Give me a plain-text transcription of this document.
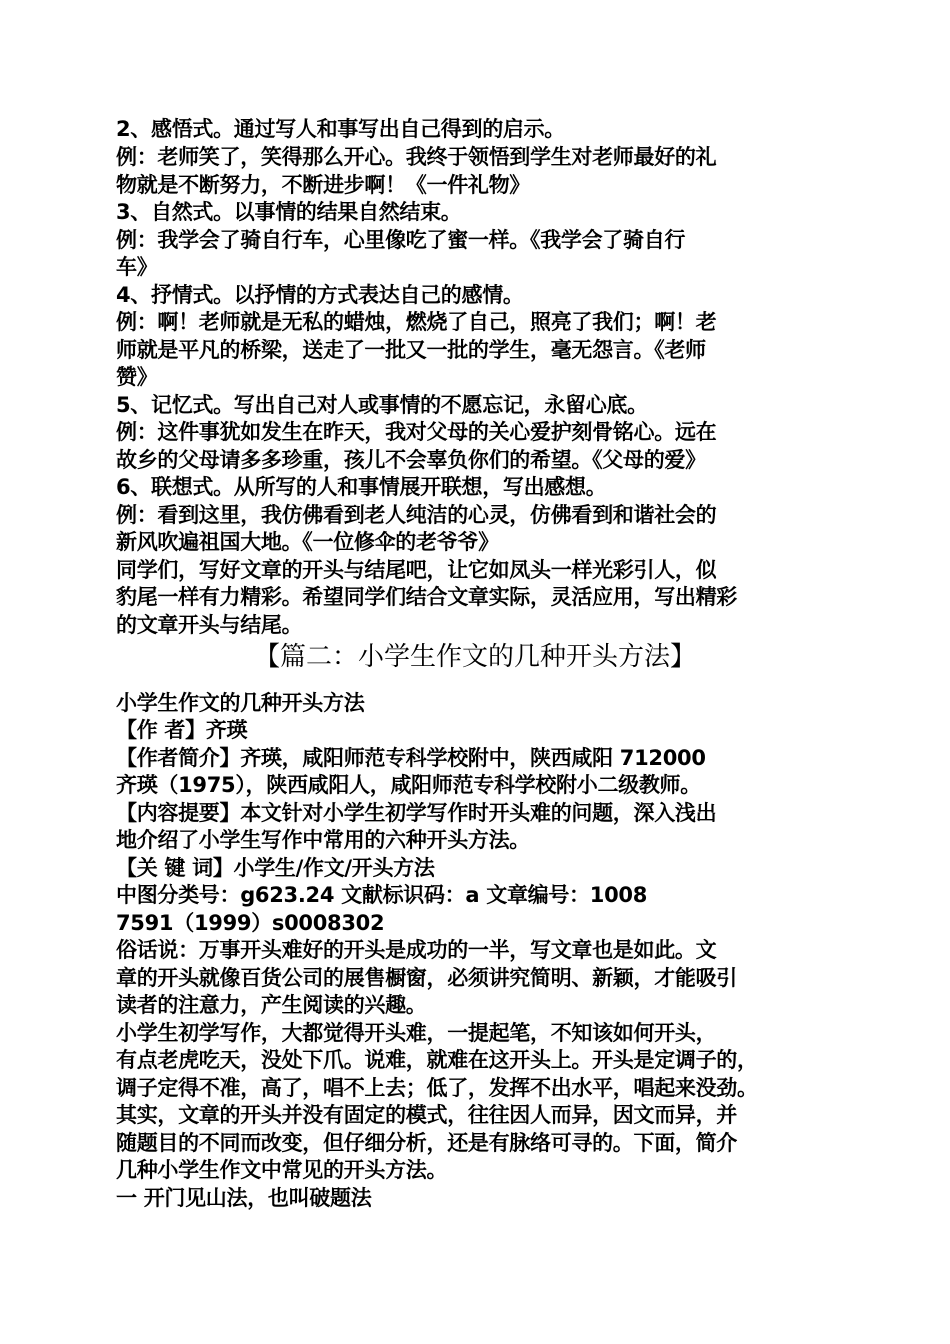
2、感悟式。通过写人和事写出自己得到的启示。
例：老师笑了，笑得那么开心。我终于领悟到学生对老师最好的礼
物就是不断努力，不断进步啊！《一件礼物》
3、自然式。以事情的结果自然结束。
例：我学会了骑自行车，心里像吃了蜜一样。《我学会了骑自行
车》
4、抒情式。以抒情的方式表达自己的感情。
例：啊！老师就是无私的蜡烛，燃烧了自己，照亮了我们；啊！老
师就是平凡的桥梁，送走了一批又一批的学生，毫无怨言。《老师
赞》
5、记忆式。写出自己对人或事情的不愿忘记，永留心底。
例：这件事犹如发生在昨天，我对父母的关心爱护刻骨铭心。远在
故乡的父母请多多珍重，孩儿不会辜负你们的希望。《父母的爱》
6、联想式。从所写的人和事情展开联想，写出感想。
例：看到这里，我仿佛看到老人纯洁的心灵，仿佛看到和谐社会的
新风吹遍祖国大地。《一位修伞的老爷爷》
同学们，写好文章的开头与结尾吧，让它如凤头一样光彩引人，似
豹尾一样有力精彩。希望同学们结合文章实际，灵活应用，写出精彩
的文章开头与结尾。
【篇二：小学生作文的几种开头方法】
小学生作文的几种开头方法
【作 者】齐瑛
【作者简介】齐瑛，咸阳师范专科学校附中，陕西咸阳 712000
齐瑛（1975），陕西咸阳人，咸阳师范专科学校附小二级教师。
【内容提要】本文针对小学生初学写作时开头难的问题，深入浅出
地介绍了小学生写作中常用的六种开头方法。
【关 键 词】小学生/作文/开头方法
中图分类号：g623.24 文献标识码：a 文章编号：1008
7591（1999）s0008302
俗话说：万事开头难好的开头是成功的一半，写文章也是如此。文
章的开头就像百货公司的展售橱窗，必须讲究简明、新颖，才能吸引
读者的注意力，产生阅读的兴趣。
小学生初学写作，大都觉得开头难，一提起笔，不知该如何开头，
有点老虎吃天，没处下爪。说难，就难在这开头上。开头是定调子的，
调子定得不准，高了，唱不上去；低了，发挥不出水平，唱起来没劲。
其实，文章的开头并没有固定的模式，往往因人而异，因文而异，并
随题目的不同而改变，但仔细分析，还是有脉络可寻的。下面，简介
几种小学生作文中常见的开头方法。
一 开门见山法，也叫破题法
